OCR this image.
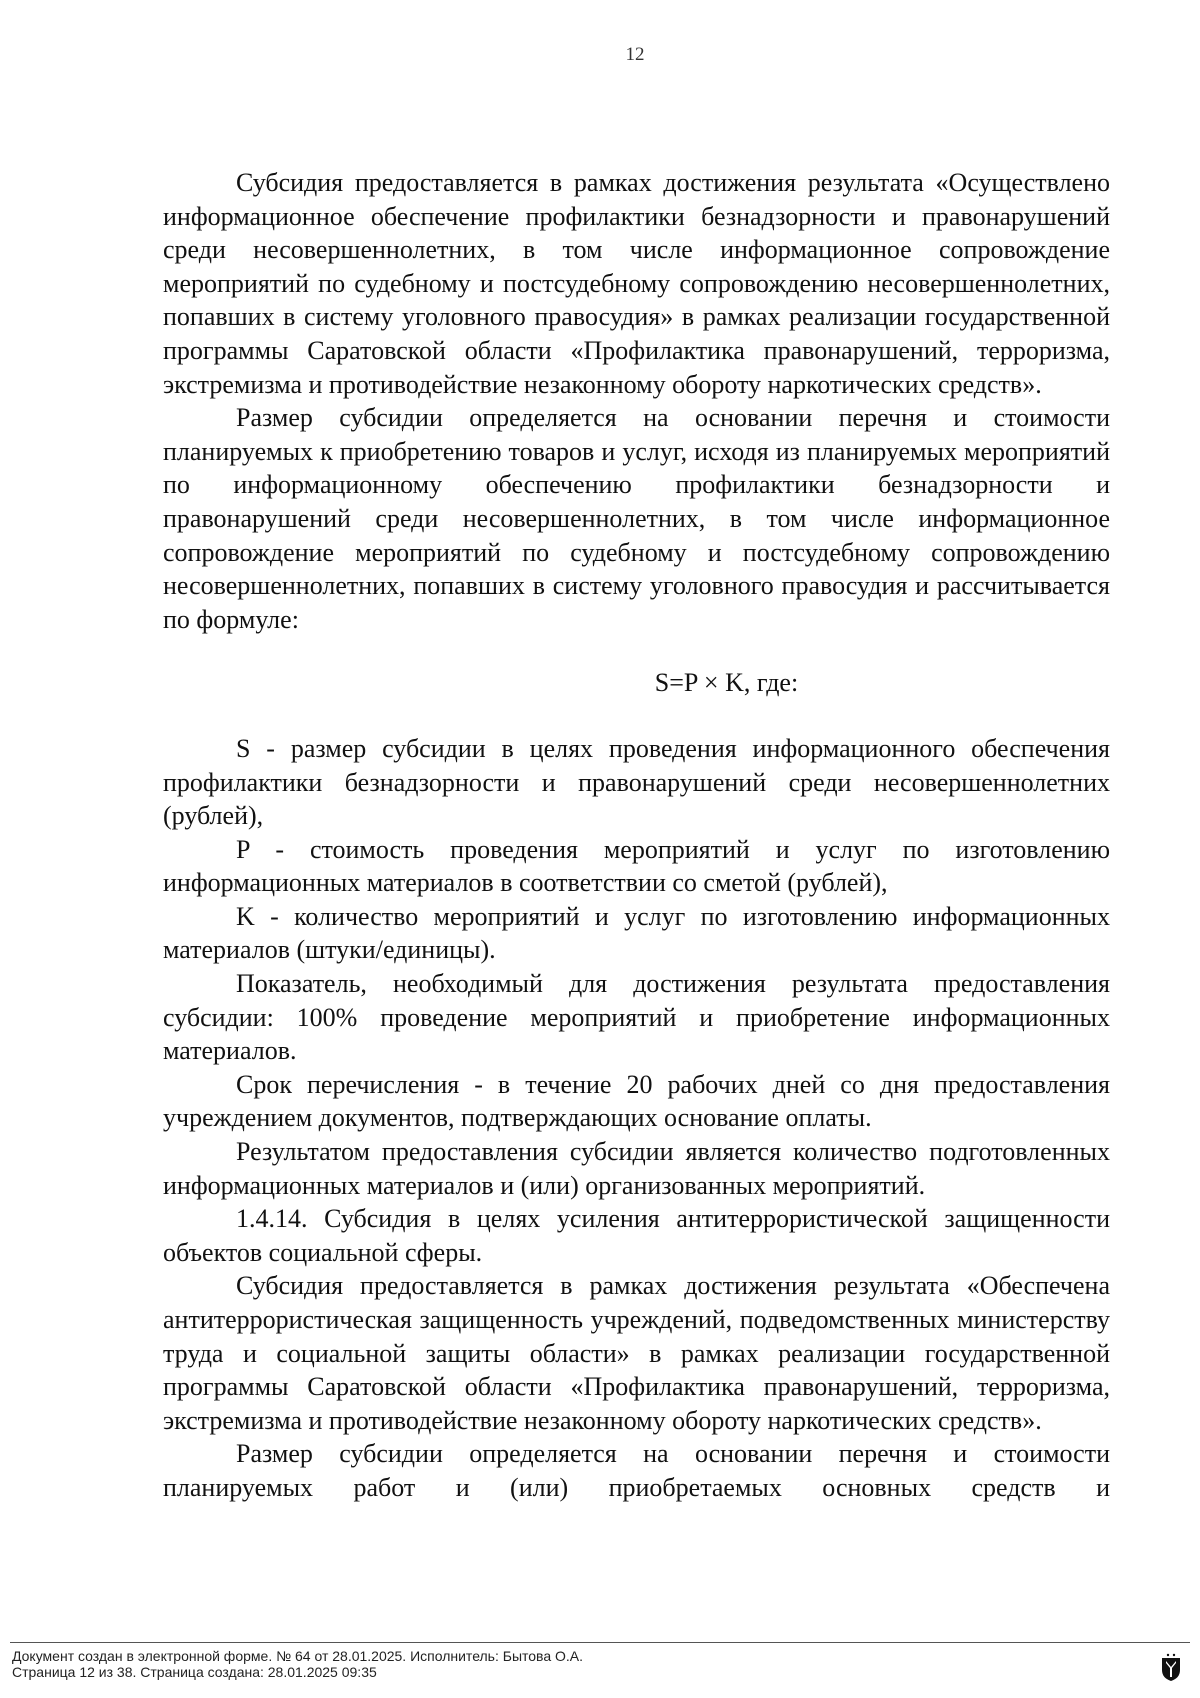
12

Субсидия предоставляется в рамках достижения результата «Осуществлено информационное обеспечение профилактики безнадзорности и правонарушений среди несовершеннолетних, в том числе информационное сопровождение мероприятий по судебному и постсудебному сопровождению несовершеннолетних, попавших в систему уголовного правосудия» в рамках реализации государственной программы Саратовской области «Профилактика правонарушений, терроризма, экстремизма и противодействие незаконному обороту наркотических средств».

Размер субсидии определяется на основании перечня и стоимости планируемых к приобретению товаров и услуг, исходя из планируемых мероприятий по информационному обеспечению профилактики безнадзорности и правонарушений среди несовершеннолетних, в том числе информационное сопровождение мероприятий по судебному и постсудебному сопровождению несовершеннолетних, попавших в систему уголовного правосудия и рассчитывается по формуле:

S=P × K, где:

S - размер субсидии в целях проведения информационного обеспечения профилактики безнадзорности и правонарушений среди несовершеннолетних (рублей),

P - стоимость проведения мероприятий и услуг по изготовлению информационных материалов в соответствии со сметой (рублей),

K - количество мероприятий и услуг по изготовлению информационных материалов (штуки/единицы).

Показатель, необходимый для достижения результата предоставления субсидии: 100% проведение мероприятий и приобретение информационных материалов.

Срок перечисления - в течение 20 рабочих дней со дня предоставления учреждением документов, подтверждающих основание оплаты.

Результатом предоставления субсидии является количество подготовленных информационных материалов и (или) организованных мероприятий.

1.4.14. Субсидия в целях усиления антитеррористической защищенности объектов социальной сферы.

Субсидия предоставляется в рамках достижения результата «Обеспечена антитеррористическая защищенность учреждений, подведомственных министерству труда и социальной защиты области» в рамках реализации государственной программы Саратовской области «Профилактика правонарушений, терроризма, экстремизма и противодействие незаконному обороту наркотических средств».

Размер субсидии определяется на основании перечня и стоимости планируемых работ и (или) приобретаемых основных средств и

Документ создан в электронной форме. № 64 от 28.01.2025. Исполнитель: Бытова О.А.
Страница 12 из 38. Страница создана: 28.01.2025 09:35
